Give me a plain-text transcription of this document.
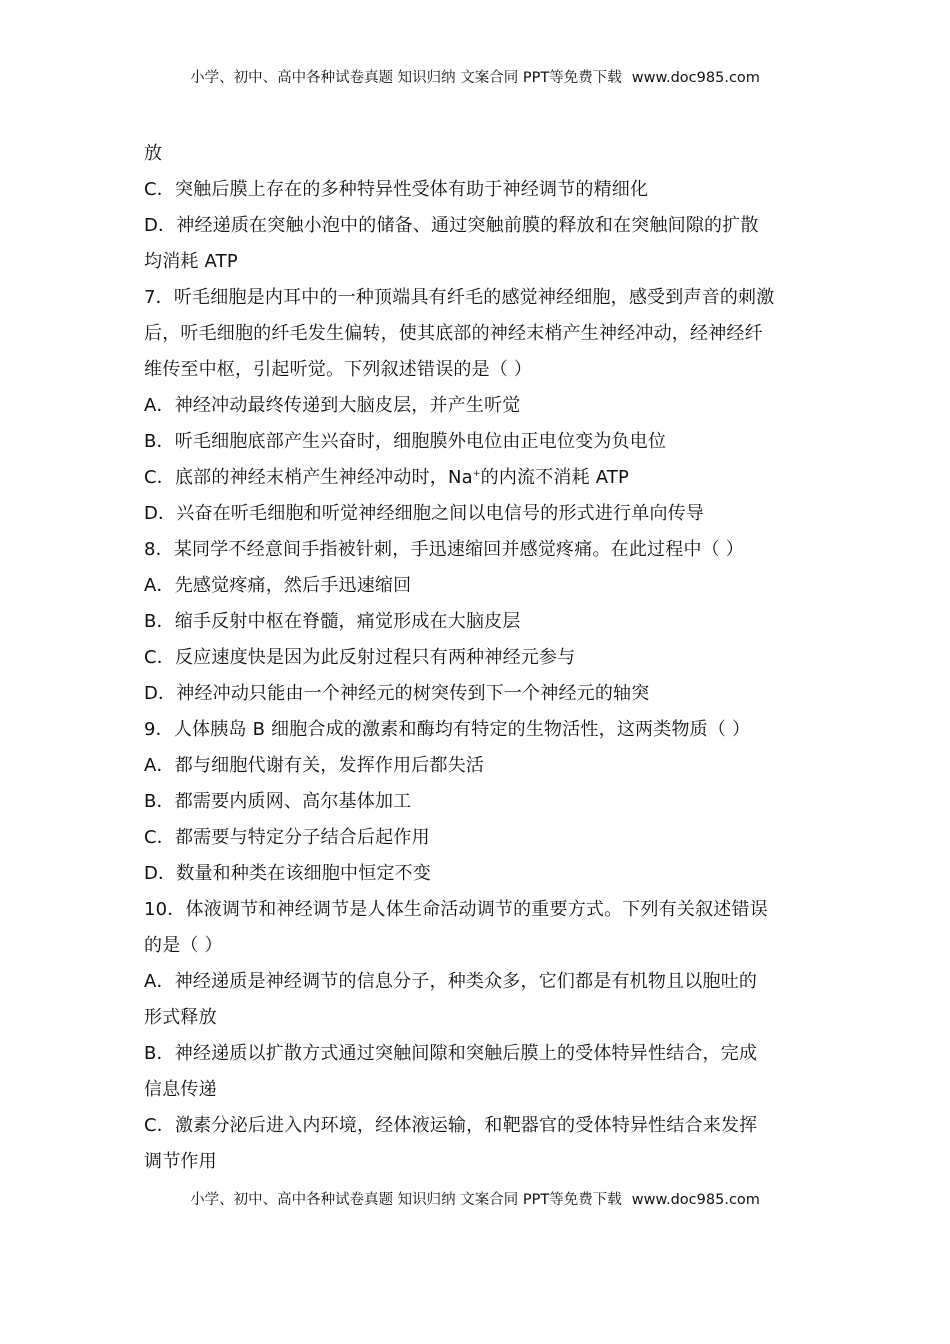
小学、初中、高中各种试卷真题 知识归纳 文案合同 PPT等免费下载 www.doc985.com
放
C．突触后膜上存在的多种特异性受体有助于神经调节的精细化
D．神经递质在突触小泡中的储备、通过突触前膜的释放和在突触间隙的扩散
均消耗 ATP
7．听毛细胞是内耳中的一种顶端具有纤毛的感觉神经细胞，感受到声音的刺激
后，听毛细胞的纤毛发生偏转，使其底部的神经末梢产生神经冲动，经神经纤
维传至中枢，引起听觉。下列叙述错误的是（ ）
A．神经冲动最终传递到大脑皮层，并产生听觉
B．听毛细胞底部产生兴奋时，细胞膜外电位由正电位变为负电位
C．底部的神经末梢产生神经冲动时，Na+的内流不消耗 ATP
D．兴奋在听毛细胞和听觉神经细胞之间以电信号的形式进行单向传导
8．某同学不经意间手指被针刺，手迅速缩回并感觉疼痛。在此过程中（ ）
A．先感觉疼痛，然后手迅速缩回
B．缩手反射中枢在脊髓，痛觉形成在大脑皮层
C．反应速度快是因为此反射过程只有两种神经元参与
D．神经冲动只能由一个神经元的树突传到下一个神经元的轴突
9．人体胰岛 B 细胞合成的激素和酶均有特定的生物活性，这两类物质（ ）
A．都与细胞代谢有关，发挥作用后都失活
B．都需要内质网、高尔基体加工
C．都需要与特定分子结合后起作用
D．数量和种类在该细胞中恒定不变
10．体液调节和神经调节是人体生命活动调节的重要方式。下列有关叙述错误
的是（ ）
A．神经递质是神经调节的信息分子，种类众多，它们都是有机物且以胞吐的
形式释放
B．神经递质以扩散方式通过突触间隙和突触后膜上的受体特异性结合，完成
信息传递
C．激素分泌后进入内环境，经体液运输，和靶器官的受体特异性结合来发挥
调节作用
小学、初中、高中各种试卷真题 知识归纳 文案合同 PPT等免费下载 www.doc985.com
